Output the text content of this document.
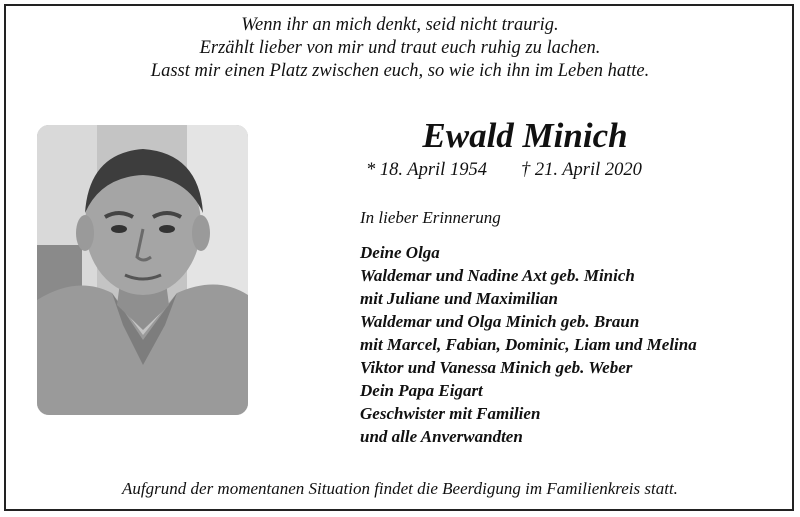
Wenn ihr an mich denkt, seid nicht traurig.
Erzählt lieber von mir und traut euch ruhig zu lachen.
Lasst mir einen Platz zwischen euch, so wie ich ihn im Leben hatte.
Ewald Minich
* 18. April 1954 † 21. April 2020
In lieber Erinnerung
Deine Olga
Waldemar und Nadine Axt geb. Minich
mit Juliane und Maximilian
Waldemar und Olga Minich geb. Braun
mit Marcel, Fabian, Dominic, Liam und Melina
Viktor und Vanessa Minich geb. Weber
Dein Papa Eigart
Geschwister mit Familien
und alle Anverwandten
Aufgrund der momentanen Situation findet die Beerdigung im Familienkreis statt.
